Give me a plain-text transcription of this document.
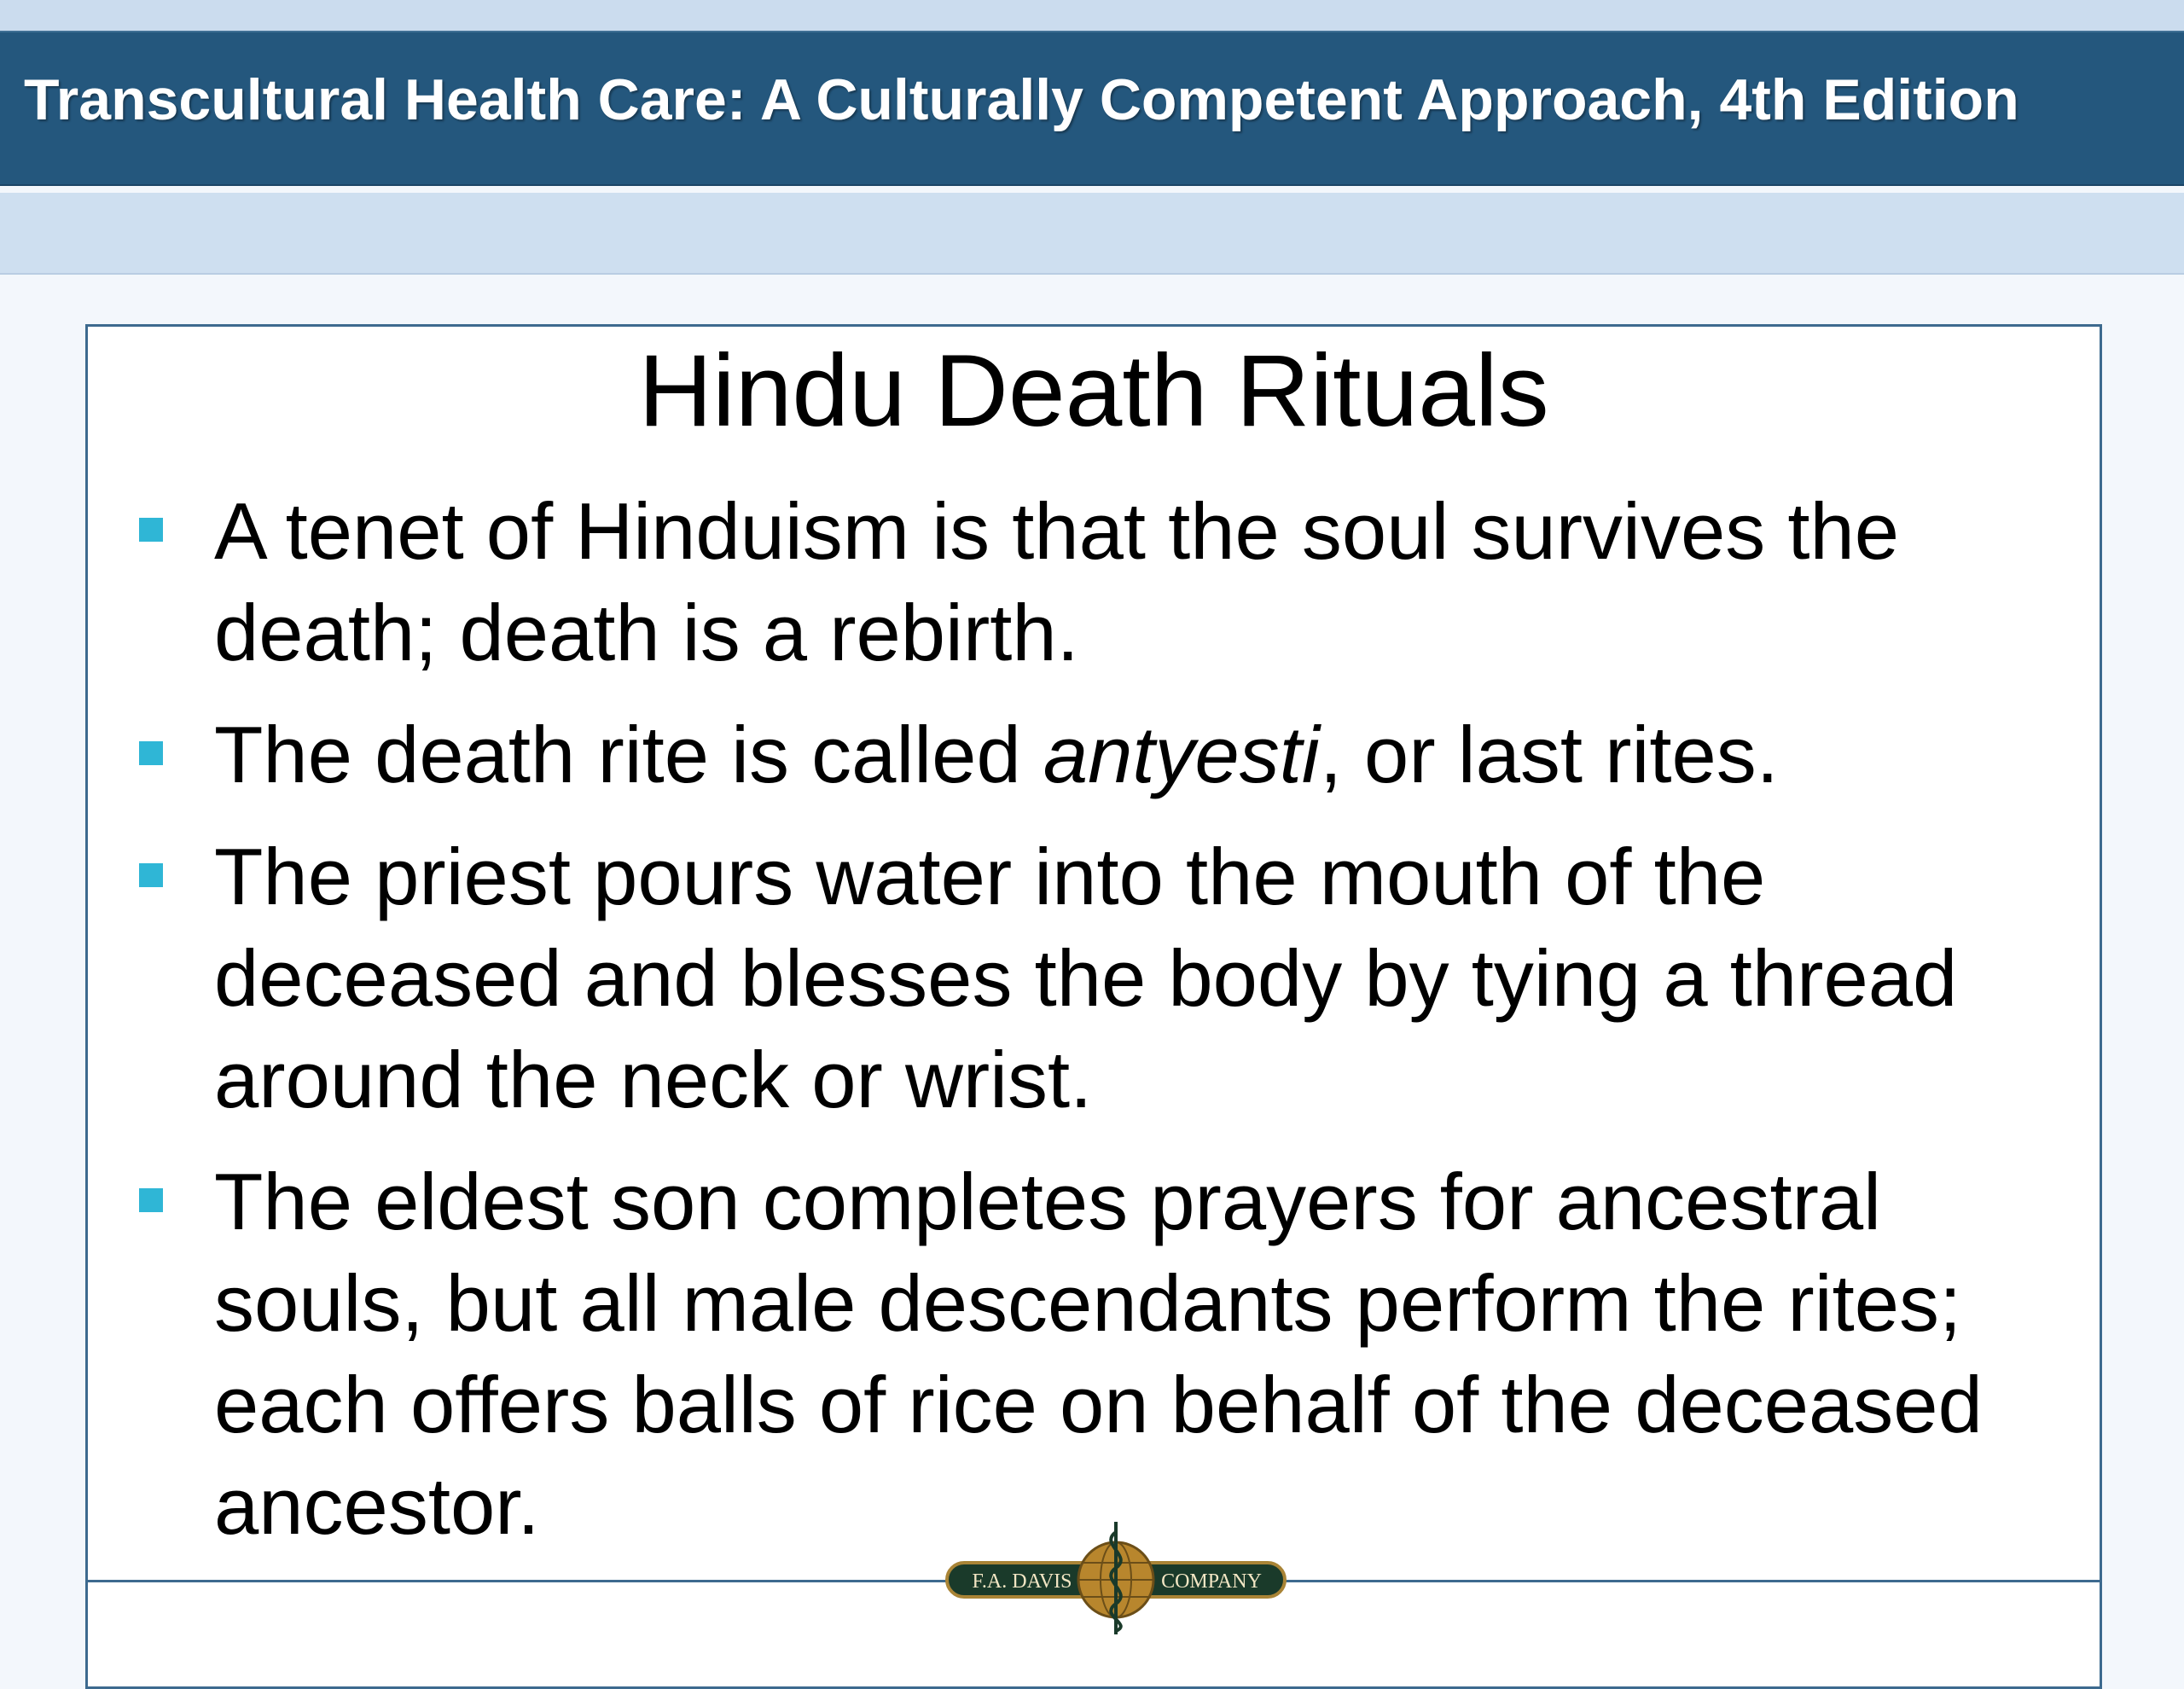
Transcultural Health Care: A Culturally Competent Approach, 4th Edition
Hindu Death Rituals
A tenet of Hinduism is that the soul survives the death; death is a rebirth.
The death rite is called antyesti, or last rites.
The priest pours water into the mouth of the deceased and blesses the body by tying a thread around the neck or wrist.
The eldest son completes prayers for ancestral souls, but all male descendants perform the rites; each offers balls of rice on behalf of the deceased ancestor.
F.A. DAVIS	COMPANY
